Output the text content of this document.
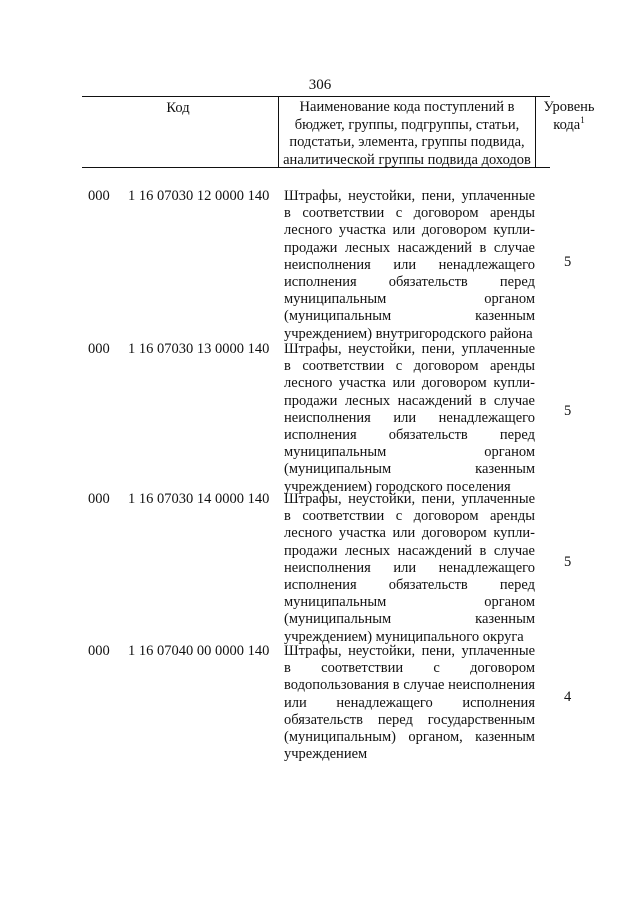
306
Код	Наименование кода поступлений в бюджет, группы, подгруппы, статьи, подстатьи, элемента, группы подвида, аналитической группы подвида доходов
Уровень кода$^1$
000 1 16 07030 12 0000 140 Штрафы, неустойки, пени, уплаченные в соответствии с договором аренды лесного участка или договором купли-продажи лесных насаждений в случае неисполнения или ненадлежащего исполнения обязательств перед муниципальным органом (муниципальным казенным учреждением) внутригородского района
5
000 1 16 07030 13 0000 140 Штрафы, неустойки, пени, уплаченные в соответствии с договором аренды лесного участка или договором купли-продажи лесных насаждений в случае неисполнения или ненадлежащего исполнения обязательств перед муниципальным органом (муниципальным казенным учреждением) городского поселения
5
000 1 16 07030 14 0000 140 Штрафы, неустойки, пени, уплаченные в соответствии с договором аренды лесного участка или договором купли-продажи лесных насаждений в случае неисполнения или ненадлежащего исполнения обязательств перед муниципальным органом (муниципальным казенным учреждением) муниципального округа
5
000 1 16 07040 00 0000 140 Штрафы, неустойки, пени, уплаченные в соответствии с договором водопользования в случае неисполнения или ненадлежащего исполнения обязательств перед государственным (муниципальным) органом, казенным учреждением
4
